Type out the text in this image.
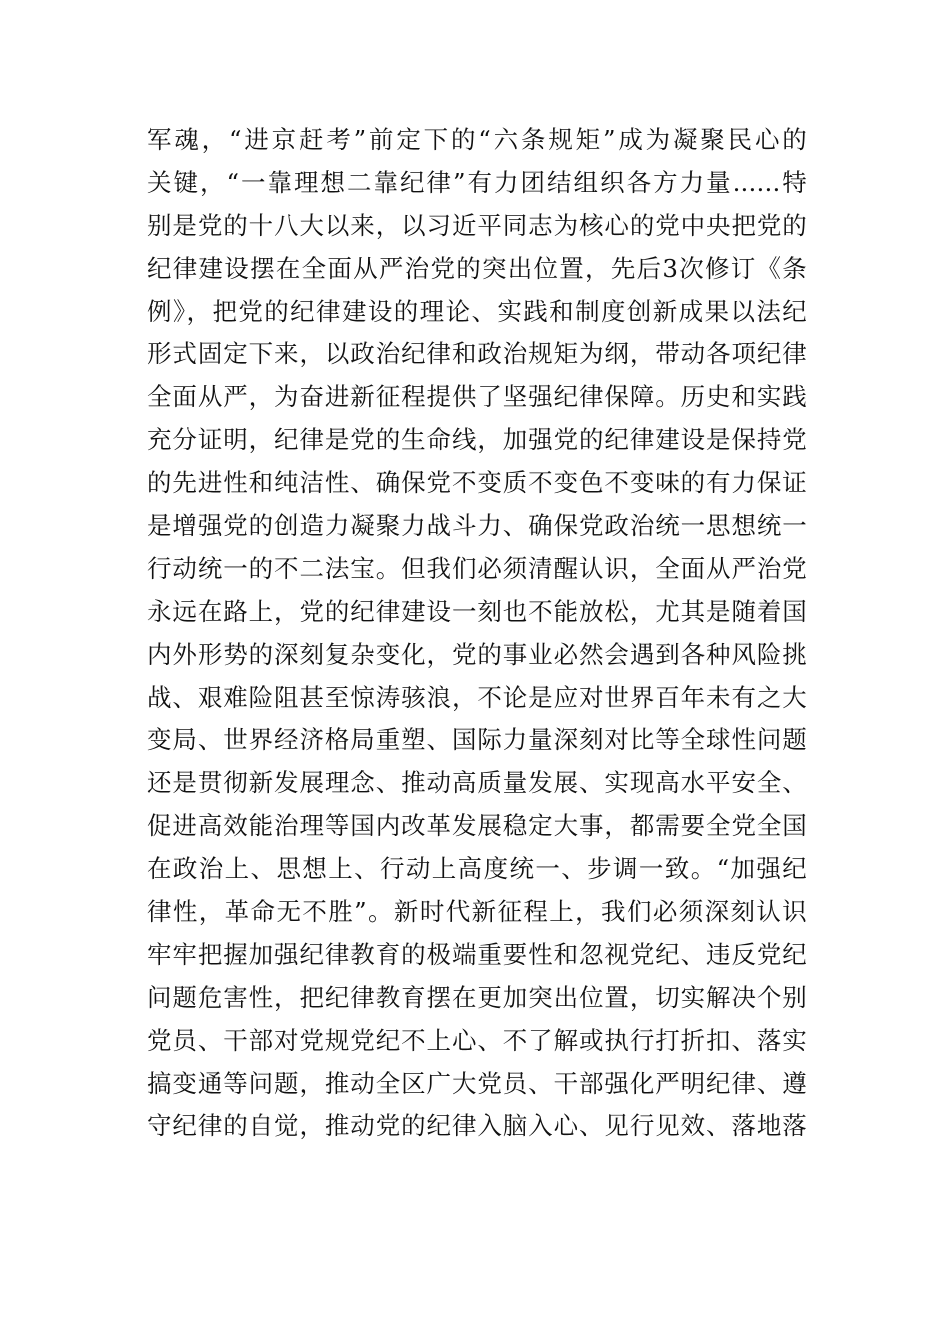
军魂，“进京赶考”前定下的“六条规矩”成为凝聚民心的
关键，“一靠理想二靠纪律”有力团结组织各方力量......特
别是党的十八大以来，以习近平同志为核心的党中央把党的
纪律建设摆在全面从严治党的突出位置，先后3次修订《条
例》，把党的纪律建设的理论、实践和制度创新成果以法纪
形式固定下来，以政治纪律和政治规矩为纲，带动各项纪律
全面从严，为奋进新征程提供了坚强纪律保障。历史和实践
充分证明，纪律是党的生命线，加强党的纪律建设是保持党
的先进性和纯洁性、确保党不变质不变色不变味的有力保证
是增强党的创造力凝聚力战斗力、确保党政治统一思想统一
行动统一的不二法宝。但我们必须清醒认识，全面从严治党
永远在路上，党的纪律建设一刻也不能放松，尤其是随着国
内外形势的深刻复杂变化，党的事业必然会遇到各种风险挑
战、艰难险阻甚至惊涛骇浪，不论是应对世界百年未有之大
变局、世界经济格局重塑、国际力量深刻对比等全球性问题
还是贯彻新发展理念、推动高质量发展、实现高水平安全、
促进高效能治理等国内改革发展稳定大事，都需要全党全国
在政治上、思想上、行动上高度统一、步调一致。“加强纪
律性，革命无不胜”。新时代新征程上，我们必须深刻认识
牢牢把握加强纪律教育的极端重要性和忽视党纪、违反党纪
问题危害性，把纪律教育摆在更加突出位置，切实解决个别
党员、干部对党规党纪不上心、不了解或执行打折扣、落实
搞变通等问题，推动全区广大党员、干部强化严明纪律、遵
守纪律的自觉，推动党的纪律入脑入心、见行见效、落地落
